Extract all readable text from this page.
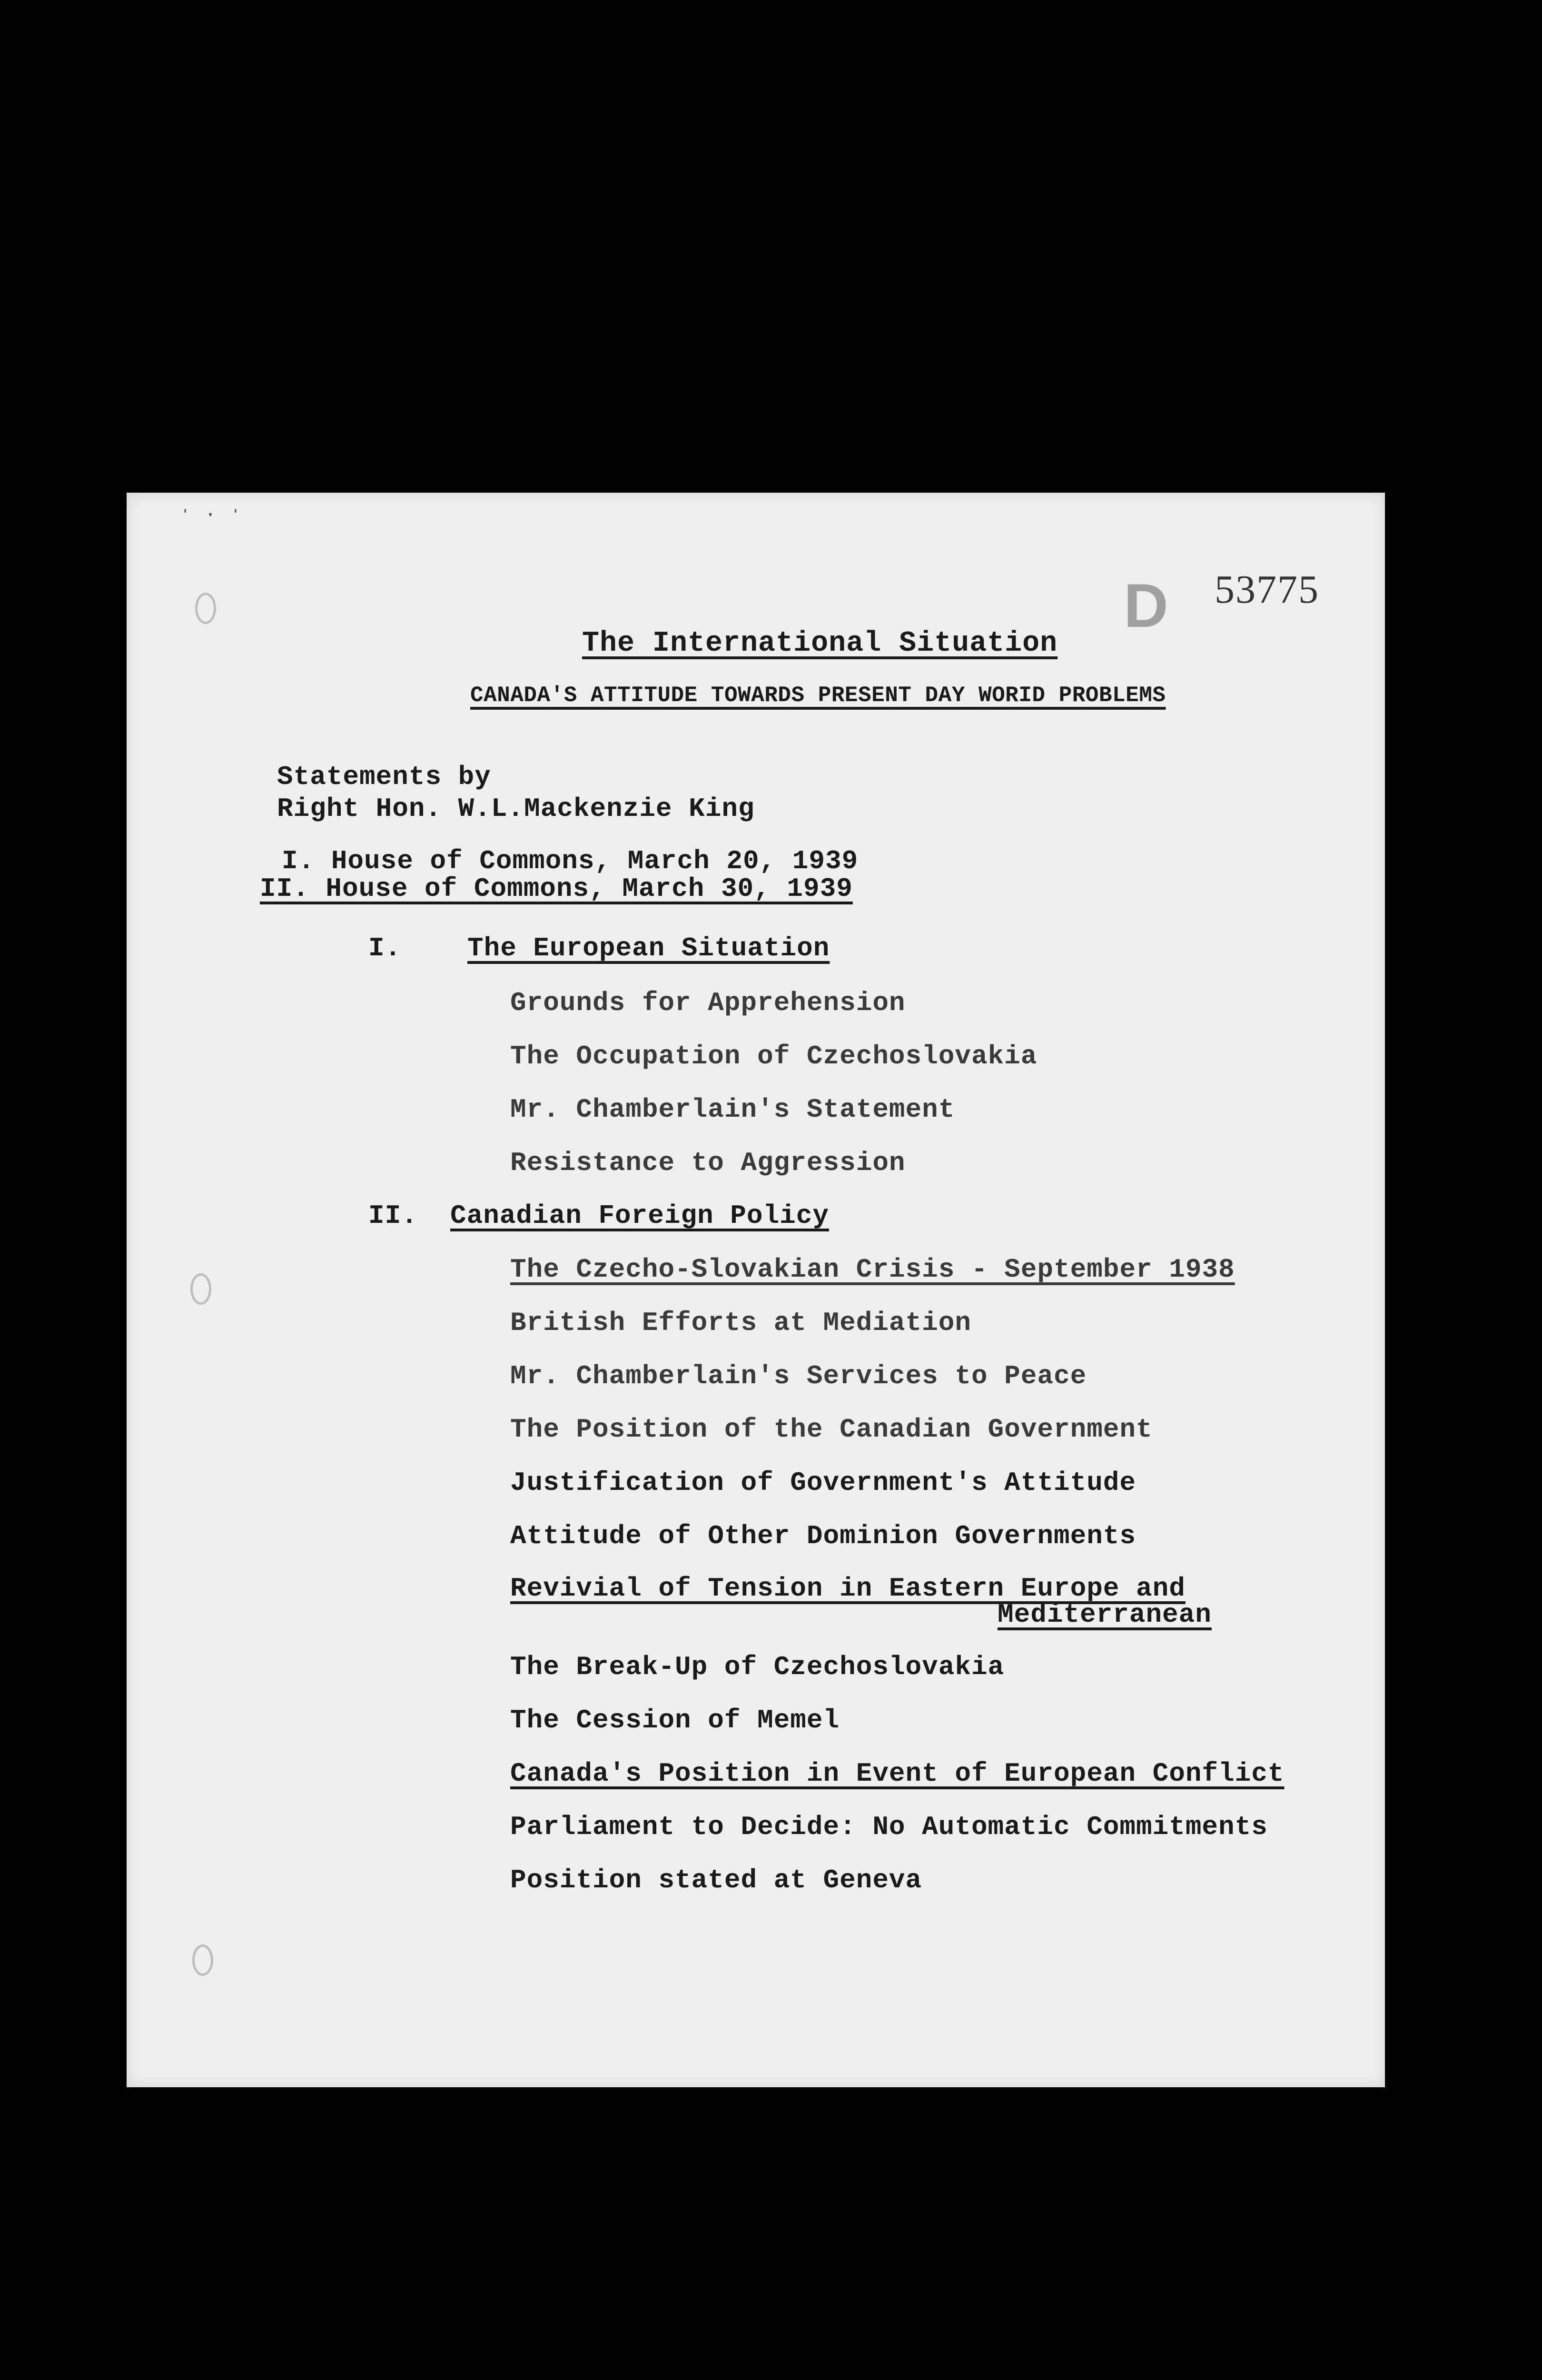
ˈ ˑ ˈ
D 53775
The International Situation
CANADA'S ATTITUDE TOWARDS PRESENT DAY WORID PROBLEMS
Statements by
Right Hon. W.L.Mackenzie King
I. House of Commons, March 20, 1939
II. House of Commons, March 30, 1939
I. The European Situation
Grounds for Apprehension
The Occupation of Czechoslovakia
Mr. Chamberlain's Statement
Resistance to Aggression
II. Canadian Foreign Policy
The Czecho-Slovakian Crisis - September 1938
British Efforts at Mediation
Mr. Chamberlain's Services to Peace
The Position of the Canadian Government
Justification of Government's Attitude
Attitude of Other Dominion Governments
Revivial of Tension in Eastern Europe and
Mediterranean
The Break-Up of Czechoslovakia
The Cession of Memel
Canada's Position in Event of European Conflict
Parliament to Decide: No Automatic Commitments
Position stated at Geneva
